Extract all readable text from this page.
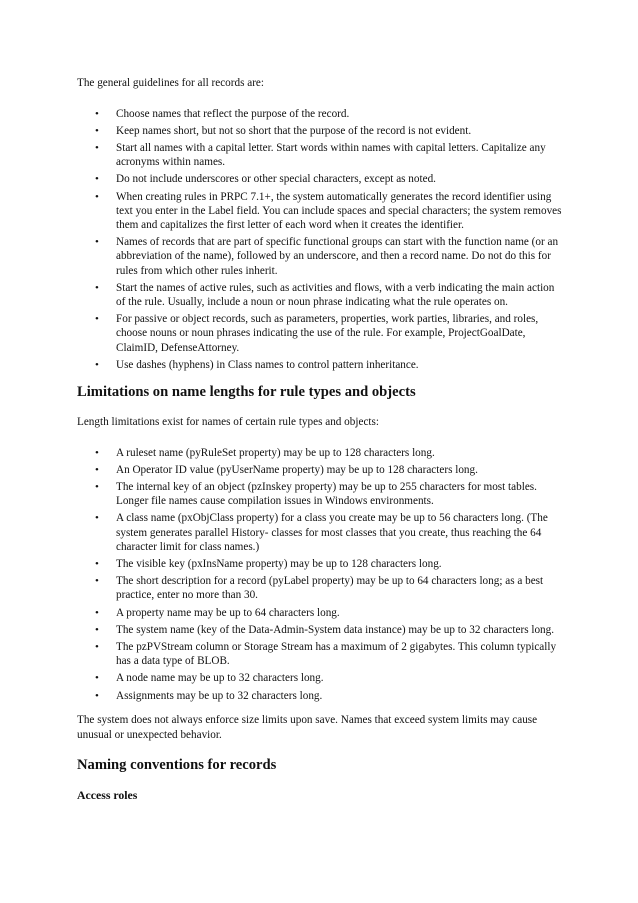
The general guidelines for all records are:

• Choose names that reflect the purpose of the record.
• Keep names short, but not so short that the purpose of the record is not evident.
• Start all names with a capital letter. Start words within names with capital letters. Capitalize any acronyms within names.
• Do not include underscores or other special characters, except as noted.
• When creating rules in PRPC 7.1+, the system automatically generates the record identifier using text you enter in the Label field. You can include spaces and special characters; the system removes them and capitalizes the first letter of each word when it creates the identifier.
• Names of records that are part of specific functional groups can start with the function name (or an abbreviation of the name), followed by an underscore, and then a record name. Do not do this for rules from which other rules inherit.
• Start the names of active rules, such as activities and flows, with a verb indicating the main action of the rule. Usually, include a noun or noun phrase indicating what the rule operates on.
• For passive or object records, such as parameters, properties, work parties, libraries, and roles, choose nouns or noun phrases indicating the use of the rule. For example, ProjectGoalDate, ClaimID, DefenseAttorney.
• Use dashes (hyphens) in Class names to control pattern inheritance.
Limitations on name lengths for rule types and objects

Length limitations exist for names of certain rule types and objects:

• A ruleset name (pyRuleSet property) may be up to 128 characters long.
• An Operator ID value (pyUserName property) may be up to 128 characters long.
• The internal key of an object (pzInskey property) may be up to 255 characters for most tables. Longer file names cause compilation issues in Windows environments.
• A class name (pxObjClass property) for a class you create may be up to 56 characters long. (The system generates parallel History- classes for most classes that you create, thus reaching the 64 character limit for class names.)
• The visible key (pxInsName property) may be up to 128 characters long.
• The short description for a record (pyLabel property) may be up to 64 characters long; as a best practice, enter no more than 30.
• A property name may be up to 64 characters long.
• The system name (key of the Data-Admin-System data instance) may be up to 32 characters long.
• The pzPVStream column or Storage Stream has a maximum of 2 gigabytes. This column typically has a data type of BLOB.
• A node name may be up to 32 characters long.
• Assignments may be up to 32 characters long.

The system does not always enforce size limits upon save. Names that exceed system limits may cause unusual or unexpected behavior.

Naming conventions for records
Access roles
